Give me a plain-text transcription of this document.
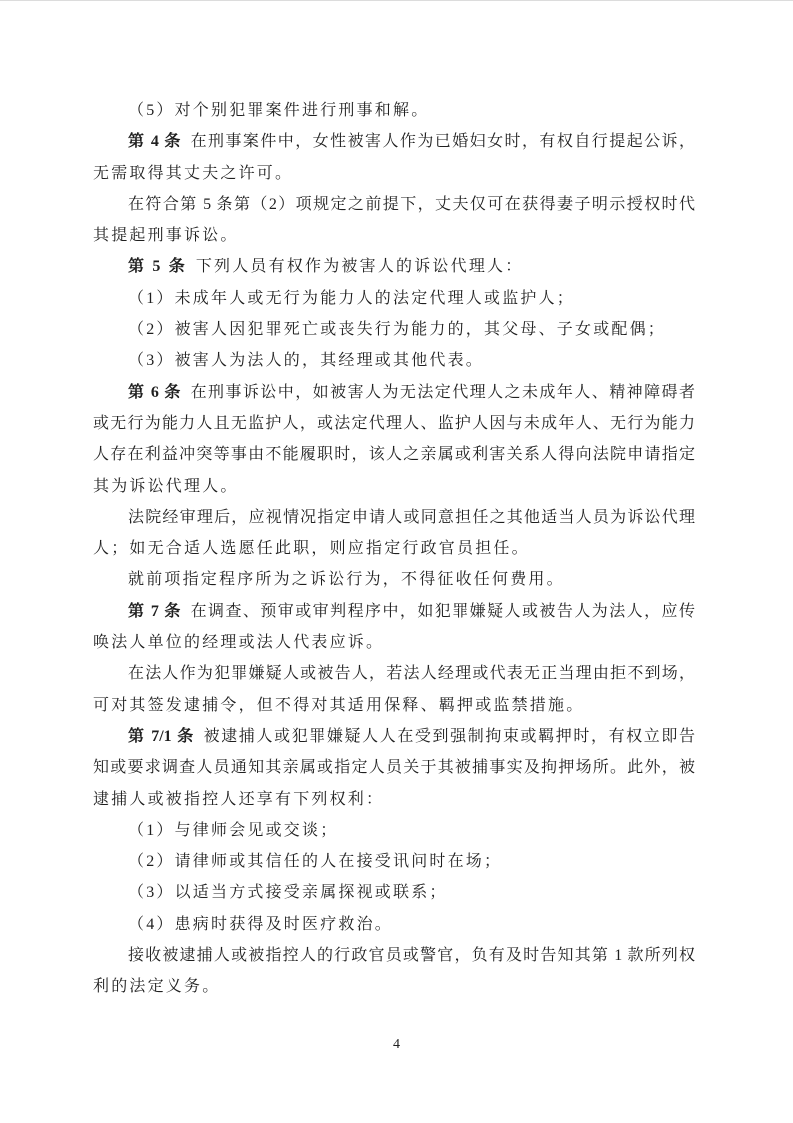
（5）对个别犯罪案件进行刑事和解。
第 4 条 在刑事案件中，女性被害人作为已婚妇女时，有权自行提起公诉，
无需取得其丈夫之许可。
在符合第 5 条第（2）项规定之前提下，丈夫仅可在获得妻子明示授权时代
其提起刑事诉讼。
第 5 条 下列人员有权作为被害人的诉讼代理人：
（1）未成年人或无行为能力人的法定代理人或监护人；
（2）被害人因犯罪死亡或丧失行为能力的，其父母、子女或配偶；
（3）被害人为法人的，其经理或其他代表。
第 6 条 在刑事诉讼中，如被害人为无法定代理人之未成年人、精神障碍者
或无行为能力人且无监护人，或法定代理人、监护人因与未成年人、无行为能力
人存在利益冲突等事由不能履职时，该人之亲属或利害关系人得向法院申请指定
其为诉讼代理人。
法院经审理后，应视情况指定申请人或同意担任之其他适当人员为诉讼代理
人；如无合适人选愿任此职，则应指定行政官员担任。
就前项指定程序所为之诉讼行为，不得征收任何费用。
第 7 条 在调查、预审或审判程序中，如犯罪嫌疑人或被告人为法人，应传
唤法人单位的经理或法人代表应诉。
在法人作为犯罪嫌疑人或被告人，若法人经理或代表无正当理由拒不到场，
可对其签发逮捕令，但不得对其适用保释、羁押或监禁措施。
第 7/1 条 被逮捕人或犯罪嫌疑人人在受到强制拘束或羁押时，有权立即告
知或要求调查人员通知其亲属或指定人员关于其被捕事实及拘押场所。此外，被
逮捕人或被指控人还享有下列权利：
（1）与律师会见或交谈；
（2）请律师或其信任的人在接受讯问时在场；
（3）以适当方式接受亲属探视或联系；
（4）患病时获得及时医疗救治。
接收被逮捕人或被指控人的行政官员或警官，负有及时告知其第 1 款所列权
利的法定义务。
4
